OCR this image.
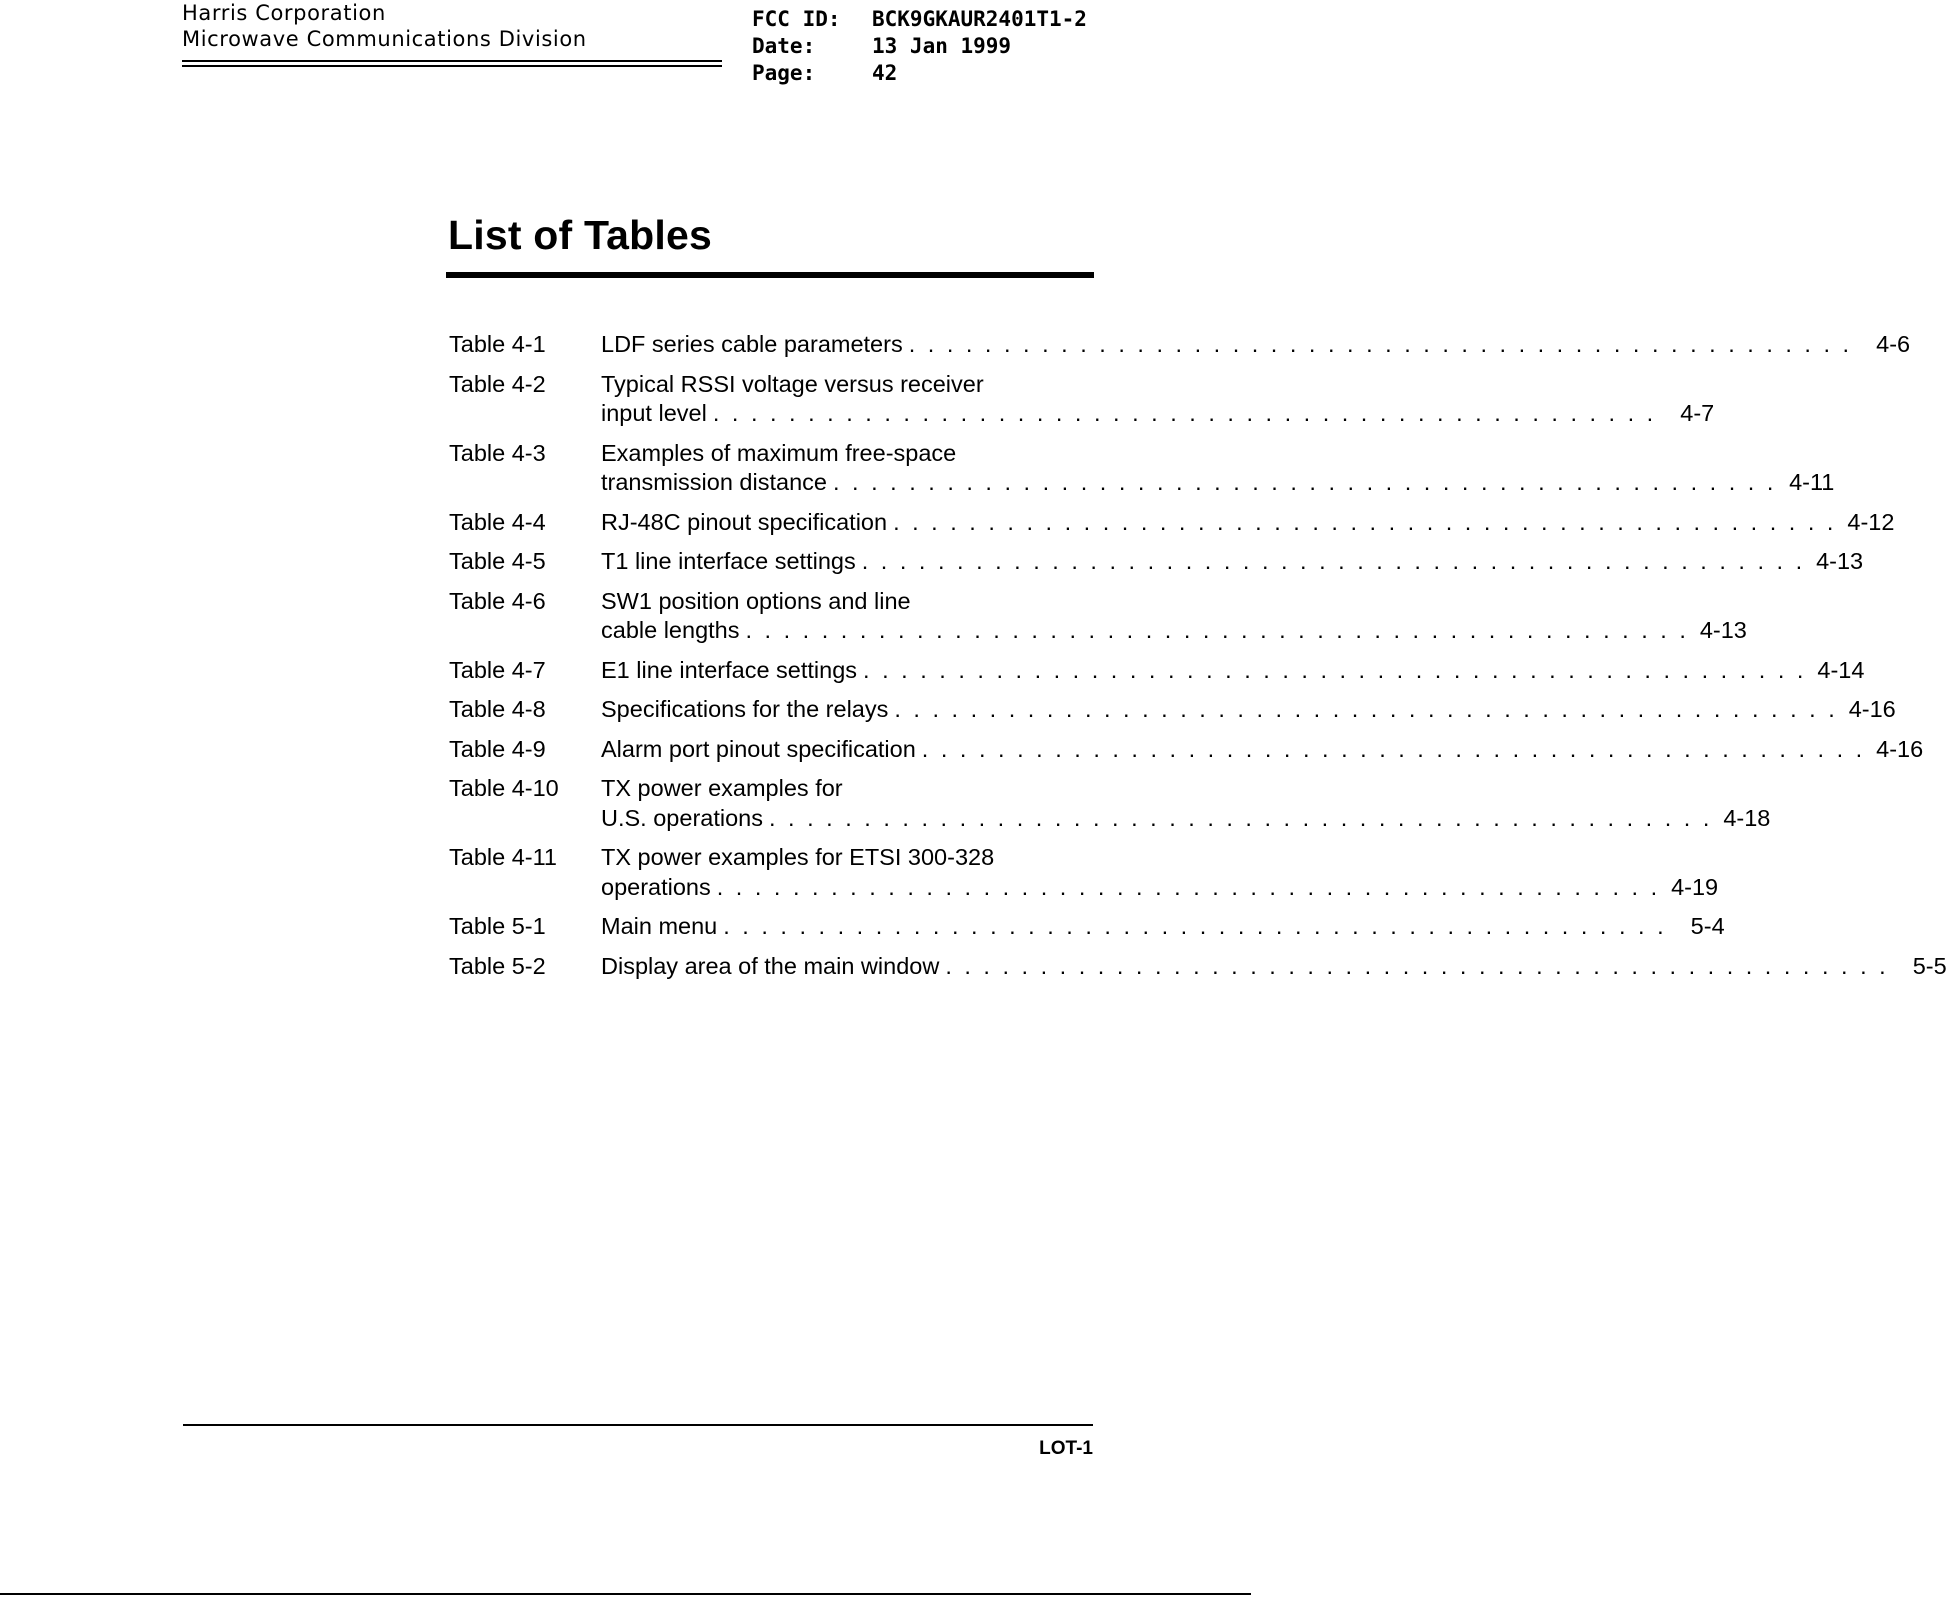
Harris Corporation
Microwave Communications Division
FCC ID:	BCK9GKAUR2401T1-2
Date:	13 Jan 1999
Page:	42
List of Tables
Table 4-1	LDF series cable parameters . . . . . . . . . . . . . . . . . . . . . . . . . . . . . . . . . . . . . . . . . . . . . . . . . .	4-6
Table 4-2	Typical RSSI voltage versus receiver
input level . . . . . . . . . . . . . . . . . . . . . . . . . . . . . . . . . . . . . . . . . . . . . . . . . .	4-7
Table 4-3	Examples of maximum free-space
transmission distance . . . . . . . . . . . . . . . . . . . . . . . . . . . . . . . . . . . . . . . . . . . . . . . . . . 4-11
Table 4-4	RJ-48C pinout specification . . . . . . . . . . . . . . . . . . . . . . . . . . . . . . . . . . . . . . . . . . . . . . . . . . 4-12
Table 4-5	T1 line interface settings . . . . . . . . . . . . . . . . . . . . . . . . . . . . . . . . . . . . . . . . . . . . . . . . . . 4-13
Table 4-6	SW1 position options and line
cable lengths . . . . . . . . . . . . . . . . . . . . . . . . . . . . . . . . . . . . . . . . . . . . . . . . . . 4-13
Table 4-7	E1 line interface settings . . . . . . . . . . . . . . . . . . . . . . . . . . . . . . . . . . . . . . . . . . . . . . . . . . 4-14
Table 4-8	Specifications for the relays . . . . . . . . . . . . . . . . . . . . . . . . . . . . . . . . . . . . . . . . . . . . . . . . . . 4-16
Table 4-9	Alarm port pinout specification . . . . . . . . . . . . . . . . . . . . . . . . . . . . . . . . . . . . . . . . . . . . . . . . . . 4-16
Table 4-10	TX power examples for
U.S. operations . . . . . . . . . . . . . . . . . . . . . . . . . . . . . . . . . . . . . . . . . . . . . . . . . . 4-18
Table 4-11	TX power examples for ETSI 300-328
operations . . . . . . . . . . . . . . . . . . . . . . . . . . . . . . . . . . . . . . . . . . . . . . . . . . 4-19
Table 5-1	Main menu . . . . . . . . . . . . . . . . . . . . . . . . . . . . . . . . . . . . . . . . . . . . . . . . . .	5-4
Table 5-2	Display area of the main window . . . . . . . . . . . . . . . . . . . . . . . . . . . . . . . . . . . . . . . . . . . . . . . . . .	5-5
LOT-1
